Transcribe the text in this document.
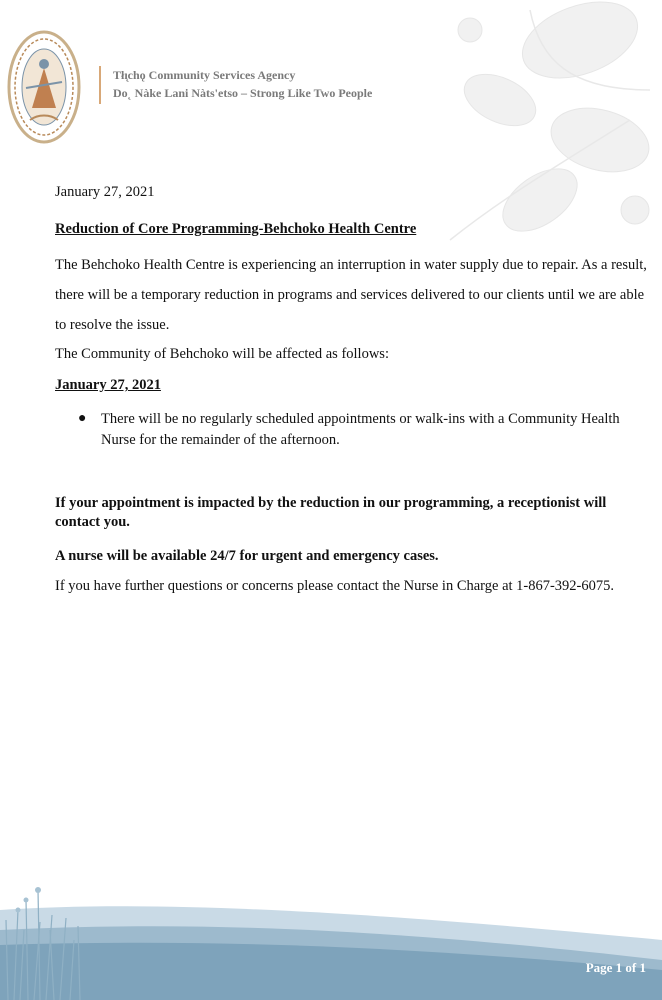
Tłı̨chǫ Community Services Agency
Do˛ Nàke Lani Nàts'etso – Strong Like Two People
January 27, 2021
Reduction of Core Programming-Behchoko Health Centre
The Behchoko Health Centre is experiencing an interruption in water supply due to repair. As a result, there will be a temporary reduction in programs and services delivered to our clients until we are able to resolve the issue.
The Community of Behchoko will be affected as follows:
January 27, 2021
● There will be no regularly scheduled appointments or walk-ins with a Community Health Nurse for the remainder of the afternoon.
If your appointment is impacted by the reduction in our programming, a receptionist will contact you.
A nurse will be available 24/7 for urgent and emergency cases.
If you have further questions or concerns please contact the Nurse in Charge at 1-867-392-6075.
Page 1 of 1
